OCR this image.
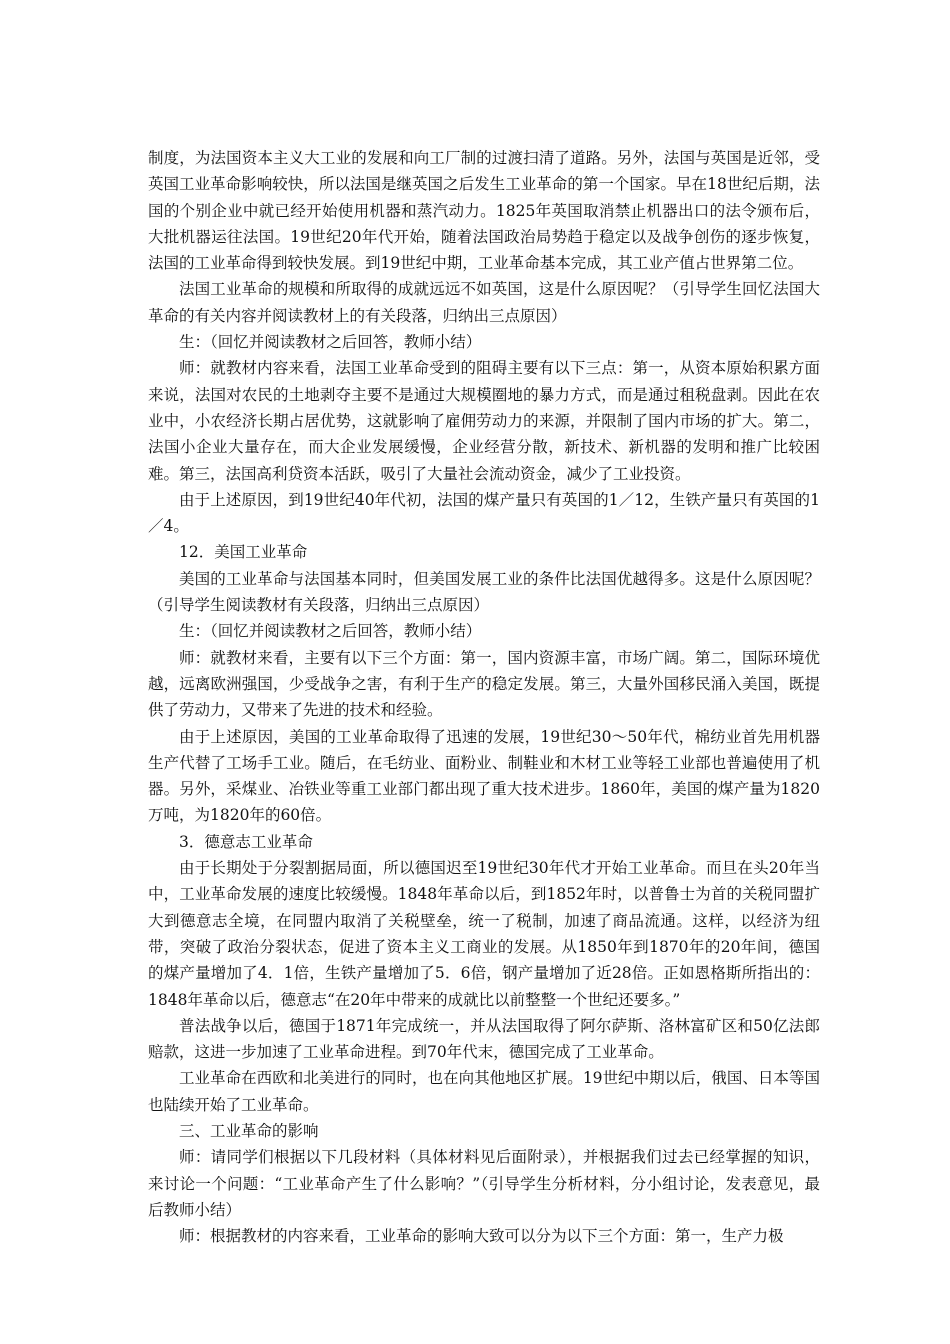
制度，为法国资本主义大工业的发展和向工厂制的过渡扫清了道路。另外，法国与英国是近邻，受英国工业革命影响较快，所以法国是继英国之后发生工业革命的第一个国家。早在18世纪后期，法国的个别企业中就已经开始使用机器和蒸汽动力。1825年英国取消禁止机器出口的法令颁布后，大批机器运往法国。19世纪20年代开始，随着法国政治局势趋于稳定以及战争创伤的逐步恢复，法国的工业革命得到较快发展。到19世纪中期，工业革命基本完成，其工业产值占世界第二位。

法国工业革命的规模和所取得的成就远远不如英国，这是什么原因呢？（引导学生回忆法国大革命的有关内容并阅读教材上的有关段落，归纳出三点原因）

生：（回忆并阅读教材之后回答，教师小结）

师：就教材内容来看，法国工业革命受到的阻碍主要有以下三点：第一，从资本原始积累方面来说，法国对农民的土地剥夺主要不是通过大规模圈地的暴力方式，而是通过租税盘剥。因此在农业中，小农经济长期占居优势，这就影响了雇佣劳动力的来源，并限制了国内市场的扩大。第二，法国小企业大量存在，而大企业发展缓慢，企业经营分散，新技术、新机器的发明和推广比较困难。第三，法国高利贷资本活跃，吸引了大量社会流动资金，减少了工业投资。

由于上述原因，到19世纪40年代初，法国的煤产量只有英国的1／12，生铁产量只有英国的1／4。

12．美国工业革命

美国的工业革命与法国基本同时，但美国发展工业的条件比法国优越得多。这是什么原因呢？（引导学生阅读教材有关段落，归纳出三点原因）

生：（回忆并阅读教材之后回答，教师小结）

师：就教材来看，主要有以下三个方面：第一，国内资源丰富，市场广阔。第二，国际环境优越，远离欧洲强国，少受战争之害，有利于生产的稳定发展。第三，大量外国移民涌入美国，既提供了劳动力，又带来了先进的技术和经验。

由于上述原因，美国的工业革命取得了迅速的发展，19世纪30～50年代，棉纺业首先用机器生产代替了工场手工业。随后，在毛纺业、面粉业、制鞋业和木材工业等轻工业部也普遍使用了机器。另外，采煤业、冶铁业等重工业部门都出现了重大技术进步。1860年，美国的煤产量为1820万吨，为1820年的60倍。

3．德意志工业革命

由于长期处于分裂割据局面，所以德国迟至19世纪30年代才开始工业革命。而旦在头20年当中，工业革命发展的速度比较缓慢。1848年革命以后，到1852年时，以普鲁士为首的关税同盟扩大到德意志全境，在同盟内取消了关税壁垒，统一了税制，加速了商品流通。这样，以经济为纽带，突破了政治分裂状态，促进了资本主义工商业的发展。从1850年到1870年的20年间，德国的煤产量增加了4．1倍，生铁产量增加了5．6倍，钢产量增加了近28倍。正如恩格斯所指出的：1848年革命以后，德意志“在20年中带来的成就比以前整整一个世纪还要多。”

普法战争以后，德国于1871年完成统一，并从法国取得了阿尔萨斯、洛林富矿区和50亿法郎赔款，这进一步加速了工业革命进程。到70年代末，德国完成了工业革命。

工业革命在西欧和北美进行的同时，也在向其他地区扩展。19世纪中期以后，俄国、日本等国也陆续开始了工业革命。

三、工业革命的影响

师：请同学们根据以下几段材料（具体材料见后面附录），并根据我们过去已经掌握的知识，来讨论一个问题：“工业革命产生了什么影响？”（引导学生分析材料，分小组讨论，发表意见，最后教师小结）

师：根据教材的内容来看，工业革命的影响大致可以分为以下三个方面：第一，生产力极
